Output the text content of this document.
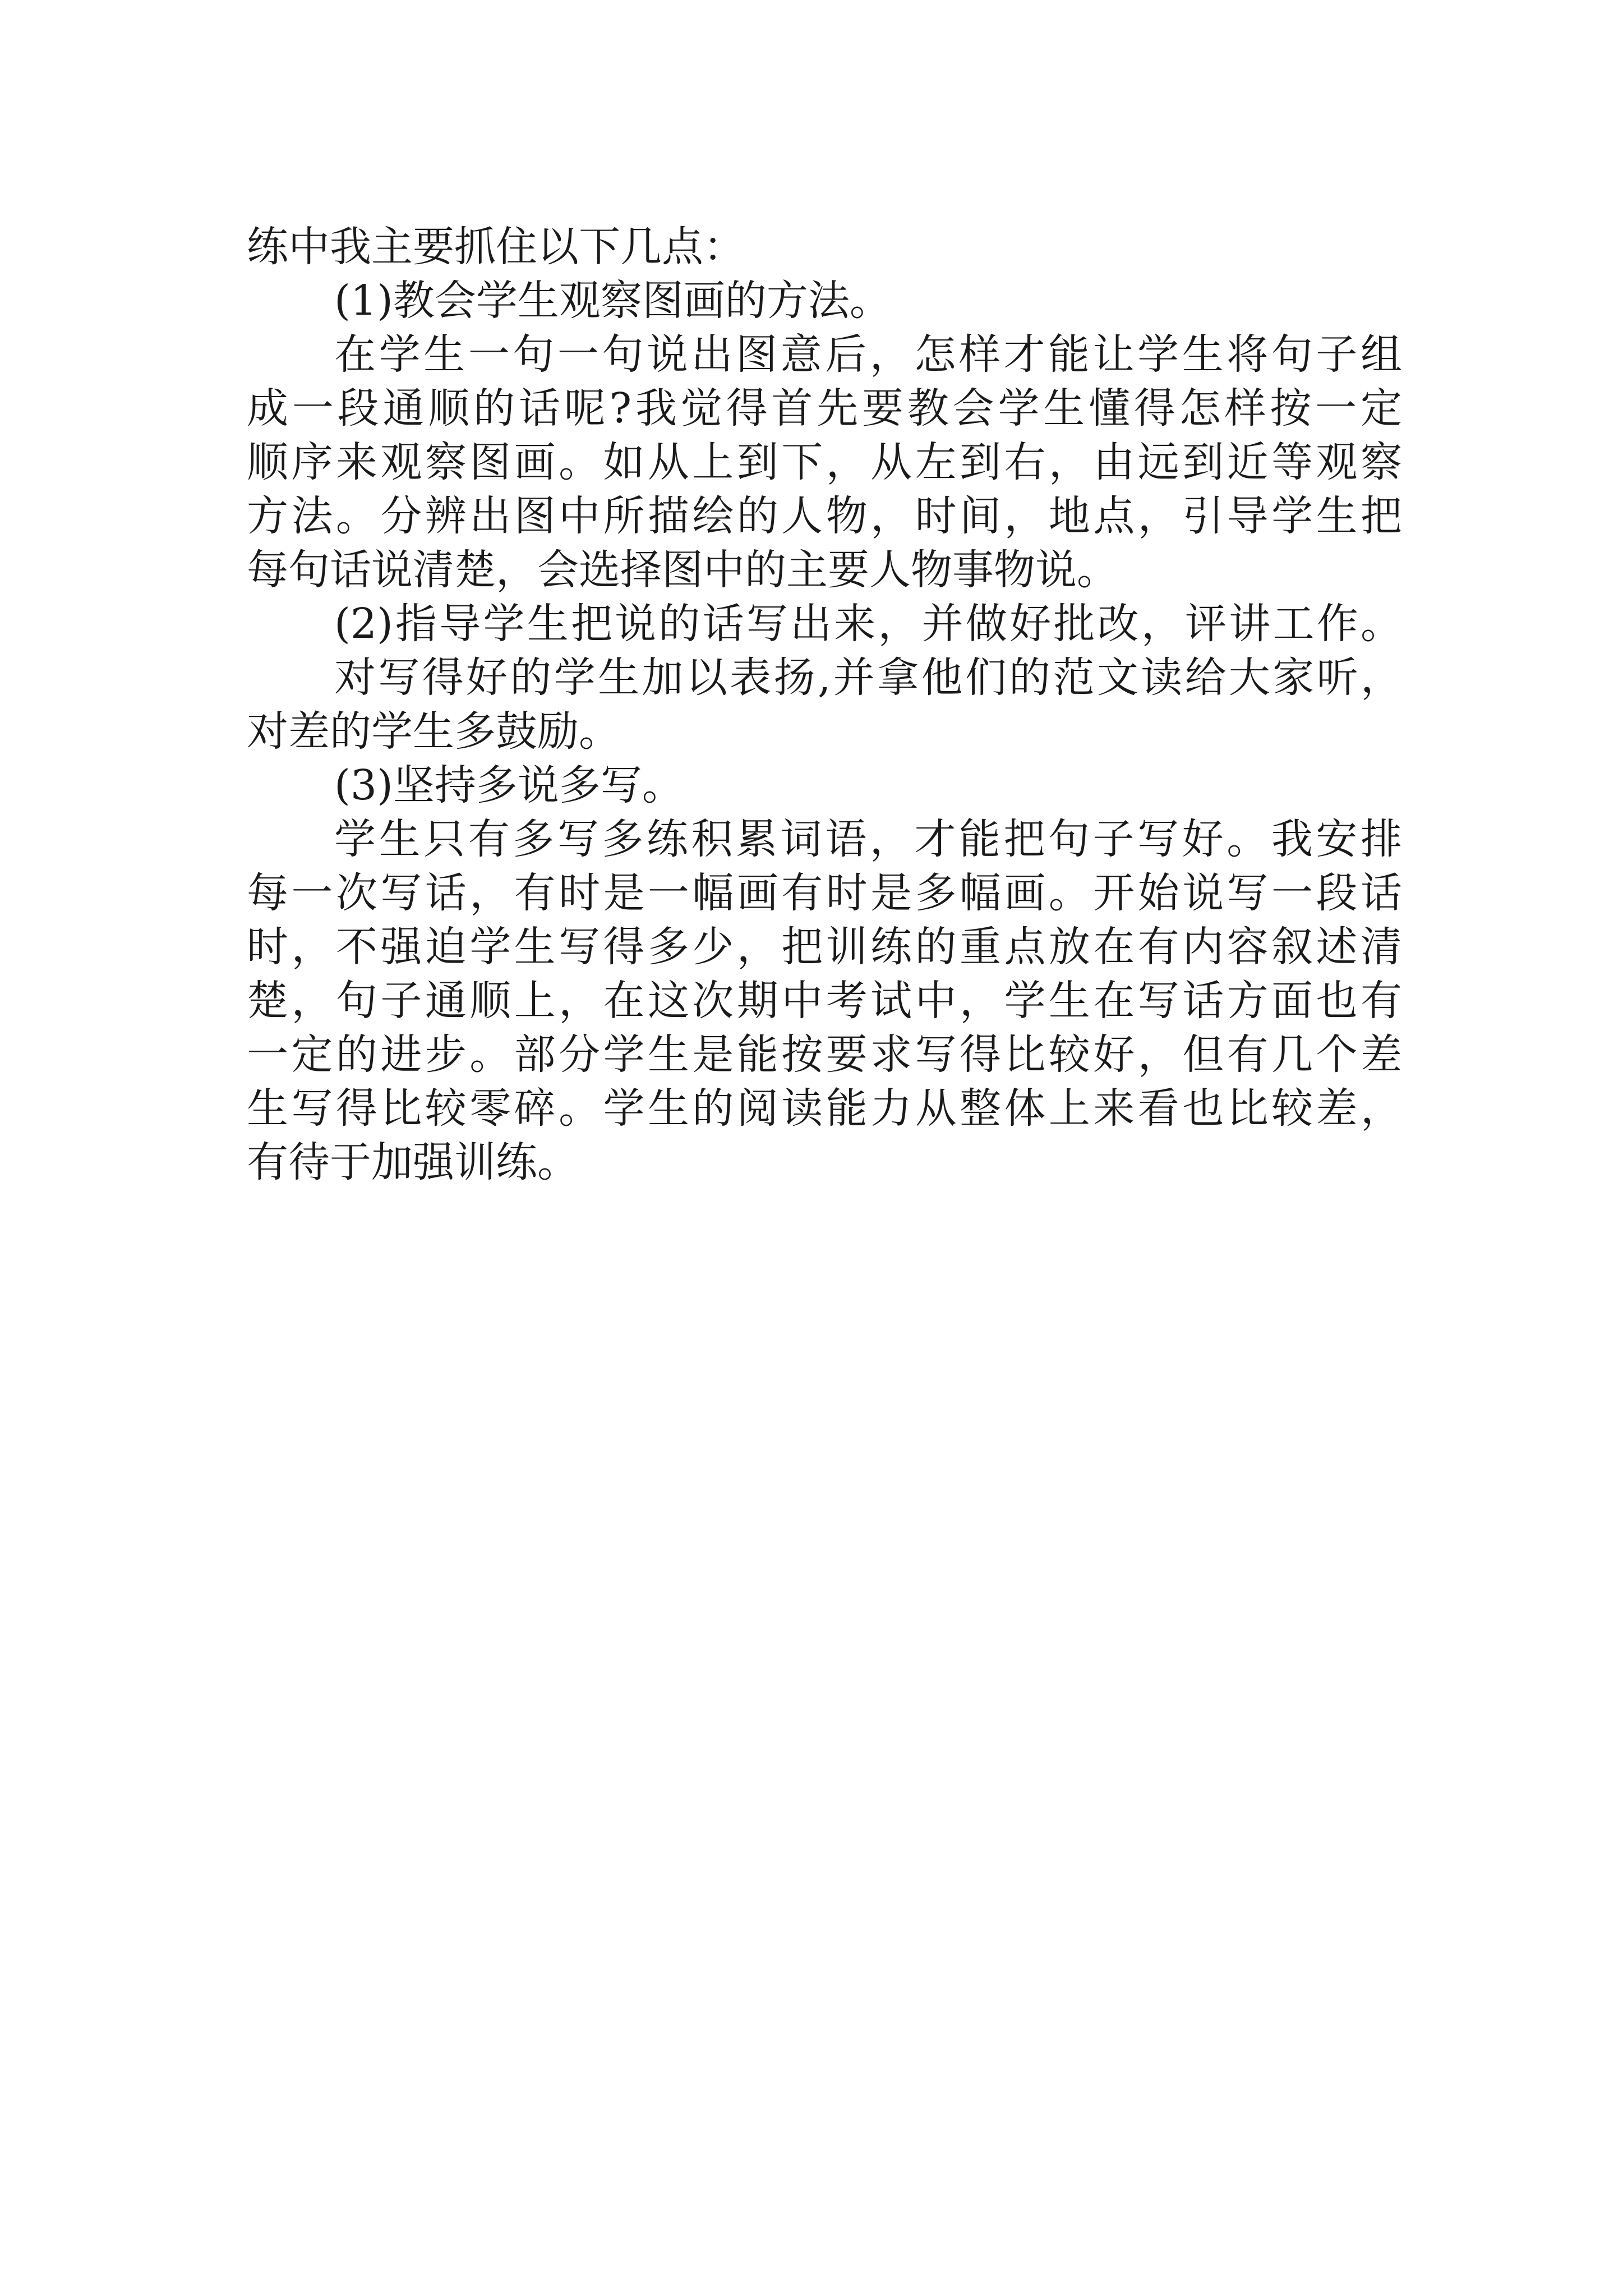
练中我主要抓住以下几点：
(1)教会学生观察图画的方法。
在学生一句一句说出图意后，怎样才能让学生将句子组
成一段通顺的话呢?我觉得首先要教会学生懂得怎样按一定
顺序来观察图画。如从上到下，从左到右，由远到近等观察
方法。分辨出图中所描绘的人物，时间，地点，引导学生把
每句话说清楚，会选择图中的主要人物事物说。
(2)指导学生把说的话写出来，并做好批改，评讲工作。
对写得好的学生加以表扬,并拿他们的范文读给大家听，
对差的学生多鼓励。
(3)坚持多说多写。
学生只有多写多练积累词语，才能把句子写好。我安排
每一次写话，有时是一幅画有时是多幅画。开始说写一段话
时，不强迫学生写得多少，把训练的重点放在有内容叙述清
楚，句子通顺上，在这次期中考试中，学生在写话方面也有
一定的进步。部分学生是能按要求写得比较好，但有几个差
生写得比较零碎。学生的阅读能力从整体上来看也比较差，
有待于加强训练。
